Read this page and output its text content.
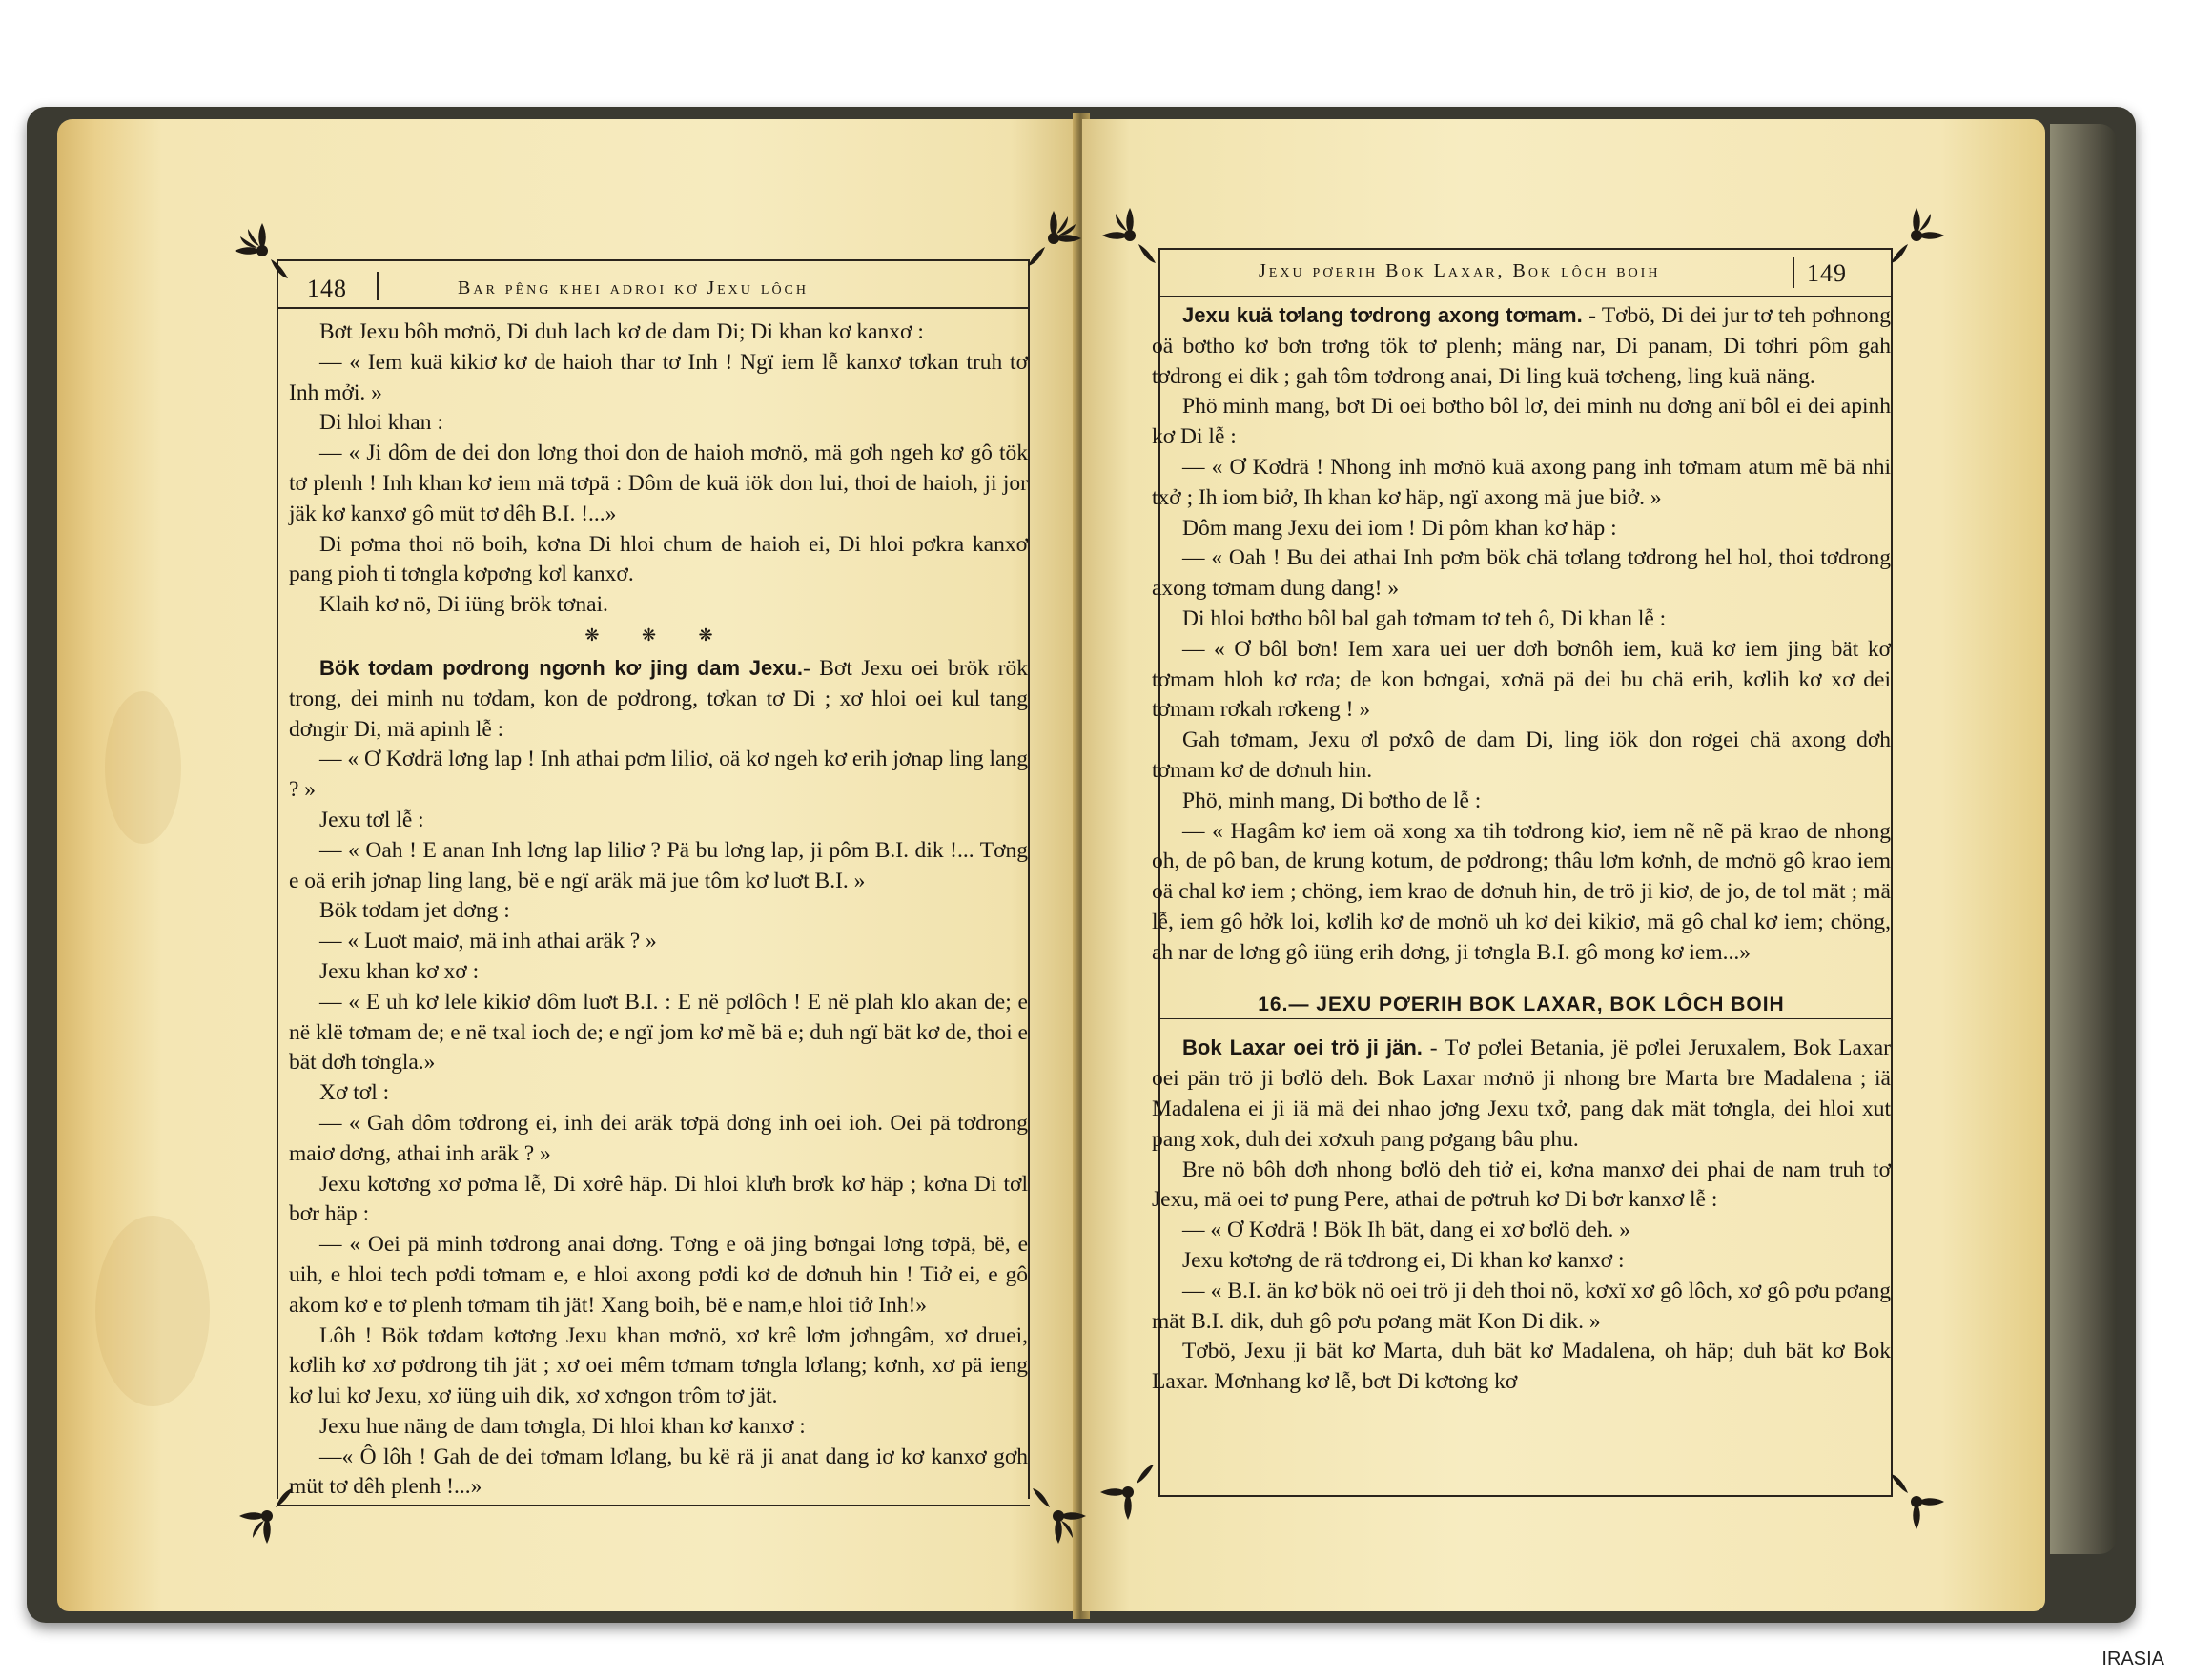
148	Bar pêng khei adroi kơ Jexu lôch
Jexu pơerih Bok Laxar, Bok lôch boih	149

Bơt Jexu bôh mơnö, Di duh lach kơ de dam Di; Di khan kơ kanxơ :

— « Iem kuä kikiơ kơ de haioh thar tơ Inh ! Ngï iem lễ kanxơ tơkan truh tơ Inh mởi. »

Di hloi khan :

— « Ji dôm de dei don lơng thoi don de haioh mơnö, mä gơh ngeh kơ gô tök tơ plenh ! Inh khan kơ iem mä tơpä : Dôm de kuä iök don lui, thoi de haioh, ji jor jäk kơ kanxơ gô müt tơ dêh B.I. !...»

Di pơma thoi nö boih, kơna Di hloi chum de haioh ei, Di hloi pơkra kanxơ pang pioh ti tơngla kơpơng kơl kanxơ.

Klaih kơ nö, Di iüng brök tơnai.

❋ ❋ ❋

Bök tơdam pơdrong ngơnh kơ jing dam Jexu.- Bơt Jexu oei brök rök trong, dei minh nu tơdam, kon de pơdrong, tơkan tơ Di ; xơ hloi oei kul tang dơngir Di, mä apinh lễ :

— « Ơ Kơdrä lơng lap ! Inh athai pơm liliơ, oä kơ ngeh kơ erih jơnap ling lang ? »

Jexu tơl lễ :

— « Oah ! E anan Inh lơng lap liliơ ? Pä bu lơng lap, ji pôm B.I. dik !... Tơng e oä erih jơnap ling lang, bë e ngï aräk mä jue tôm kơ luơt B.I. »

Bök tơdam jet dơng :

— « Luơt maiơ, mä inh athai aräk ? »

Jexu khan kơ xơ :

— « E uh kơ lele kikiơ dôm luơt B.I. : E në pơlôch ! E në plah klo akan de; e në klë tơmam de; e në txal ioch de; e ngï jom kơ mẽ bä e; duh ngï bät kơ de, thoi e bät dơh tơngla.»

Xơ tơl :

— « Gah dôm tơdrong ei, inh dei aräk tơpä dơng inh oei ioh. Oei pä tơdrong maiơ dơng, athai inh aräk ? »

Jexu kơtơng xơ pơma lễ, Di xơrê häp. Di hloi klưh brơk kơ häp ; kơna Di tơl bơr häp :

— « Oei pä minh tơdrong anai dơng. Tơng e oä jing bơngai lơng tơpä, bë, e uih, e hloi tech pơdi tơmam e, e hloi axong pơdi kơ de dơnuh hin ! Tiở ei, e gô akom kơ e tơ plenh tơmam tih jät! Xang boih, bë e nam,e hloi tiở Inh!»

Lôh ! Bök tơdam kơtơng Jexu khan mơnö, xơ krê lơm jơhngâm, xơ druei, kơlih kơ xơ pơdrong tih jät ; xơ oei mêm tơmam tơngla lơlang; kơnh, xơ pä ieng kơ lui kơ Jexu, xơ iüng uih dik, xơ xơngon trôm tơ jät.

Jexu hue näng de dam tơngla, Di hloi khan kơ kanxơ :

—« Ô lôh ! Gah de dei tơmam lơlang, bu kë rä ji anat dang iơ kơ kanxơ gơh müt tơ dêh plenh !...»

Jexu kuä tơlang tơdrong axong tơmam. - Tơbö, Di dei jur tơ teh pơhnong oä bơtho kơ bơn trơng tök tơ plenh; mäng nar, Di panam, Di tơhri pôm gah tơdrong ei dik ; gah tôm tơdrong anai, Di ling kuä tơcheng, ling kuä näng.

Phö minh mang, bơt Di oei bơtho bôl lơ, dei minh nu dơng anï bôl ei dei apinh kơ Di lễ :

— « Ơ Kơdrä ! Nhong inh mơnö kuä axong pang inh tơmam atum mẽ bä nhi txở ; Ih iom biở, Ih khan kơ häp, ngï axong mä jue biở. »

Dôm mang Jexu dei iom ! Di pôm khan kơ häp :

— « Oah ! Bu dei athai Inh pơm bök chä tơlang tơdrong hel hol, thoi tơdrong axong tơmam dung dang! »

Di hloi bơtho bôl bal gah tơmam tơ teh ô, Di khan lễ :

— « Ơ bôl bơn! Iem xara uei uer dơh bơnôh iem, kuä kơ iem jing bät kơ tơmam hloh kơ rơa; de kon bơngai, xơnä pä dei bu chä erih, kơlih kơ xơ dei tơmam rơkah rơkeng ! »

Gah tơmam, Jexu ơl pơxô de dam Di, ling iök don rơgei chä axong dơh tơmam kơ de dơnuh hin.

Phö, minh mang, Di bơtho de lễ :

— « Hagâm kơ iem oä xong xa tih tơdrong kiơ, iem nẽ nẽ pä krao de nhong oh, de pô ban, de krung kotum, de pơdrong; thâu lơm kơnh, de mơnö gô krao iem oä chal kơ iem ; chöng, iem krao de dơnuh hin, de trö ji kiơ, de jo, de tol mät ; mä lễ, iem gô hởk loi, kơlih kơ de mơnö uh kơ dei kikiơ, mä gô chal kơ iem; chöng, ah nar de lơng gô iüng erih dơng, ji tơngla B.I. gô mong kơ iem...»

16.— JEXU PƠERIH BOK LAXAR, BOK LÔCH BOIH

Bok Laxar oei trö ji jän. - Tơ pơlei Betania, jë pơlei Jeruxalem, Bok Laxar oei pän trö ji bơlö deh. Bok Laxar mơnö ji nhong bre Marta bre Madalena ; iä Madalena ei ji iä mä dei nhao jơng Jexu txở, pang dak mät tơngla, dei hloi xut pang xok, duh dei xơxuh pang pơgang bâu phu.

Bre nö bôh dơh nhong bơlö deh tiở ei, kơna manxơ dei phai de nam truh tơ Jexu, mä oei tơ pung Pere, athai de pơtruh kơ Di bơr kanxơ lễ :

— « Ơ Kơdrä ! Bök Ih bät, dang ei xơ bơlö deh. »

Jexu kơtơng de rä tơdrong ei, Di khan kơ kanxơ :

— « B.I. än kơ bök nö oei trö ji deh thoi nö, kơxï xơ gô lôch, xơ gô pơu pơang mät B.I. dik, duh gô pơu pơang mät Kon Di dik. »

Tơbö, Jexu ji bät kơ Marta, duh bät kơ Madalena, oh häp; duh bät kơ Bok Laxar. Mơnhang kơ lễ, bơt Di kơtơng kơ

IRASIA
